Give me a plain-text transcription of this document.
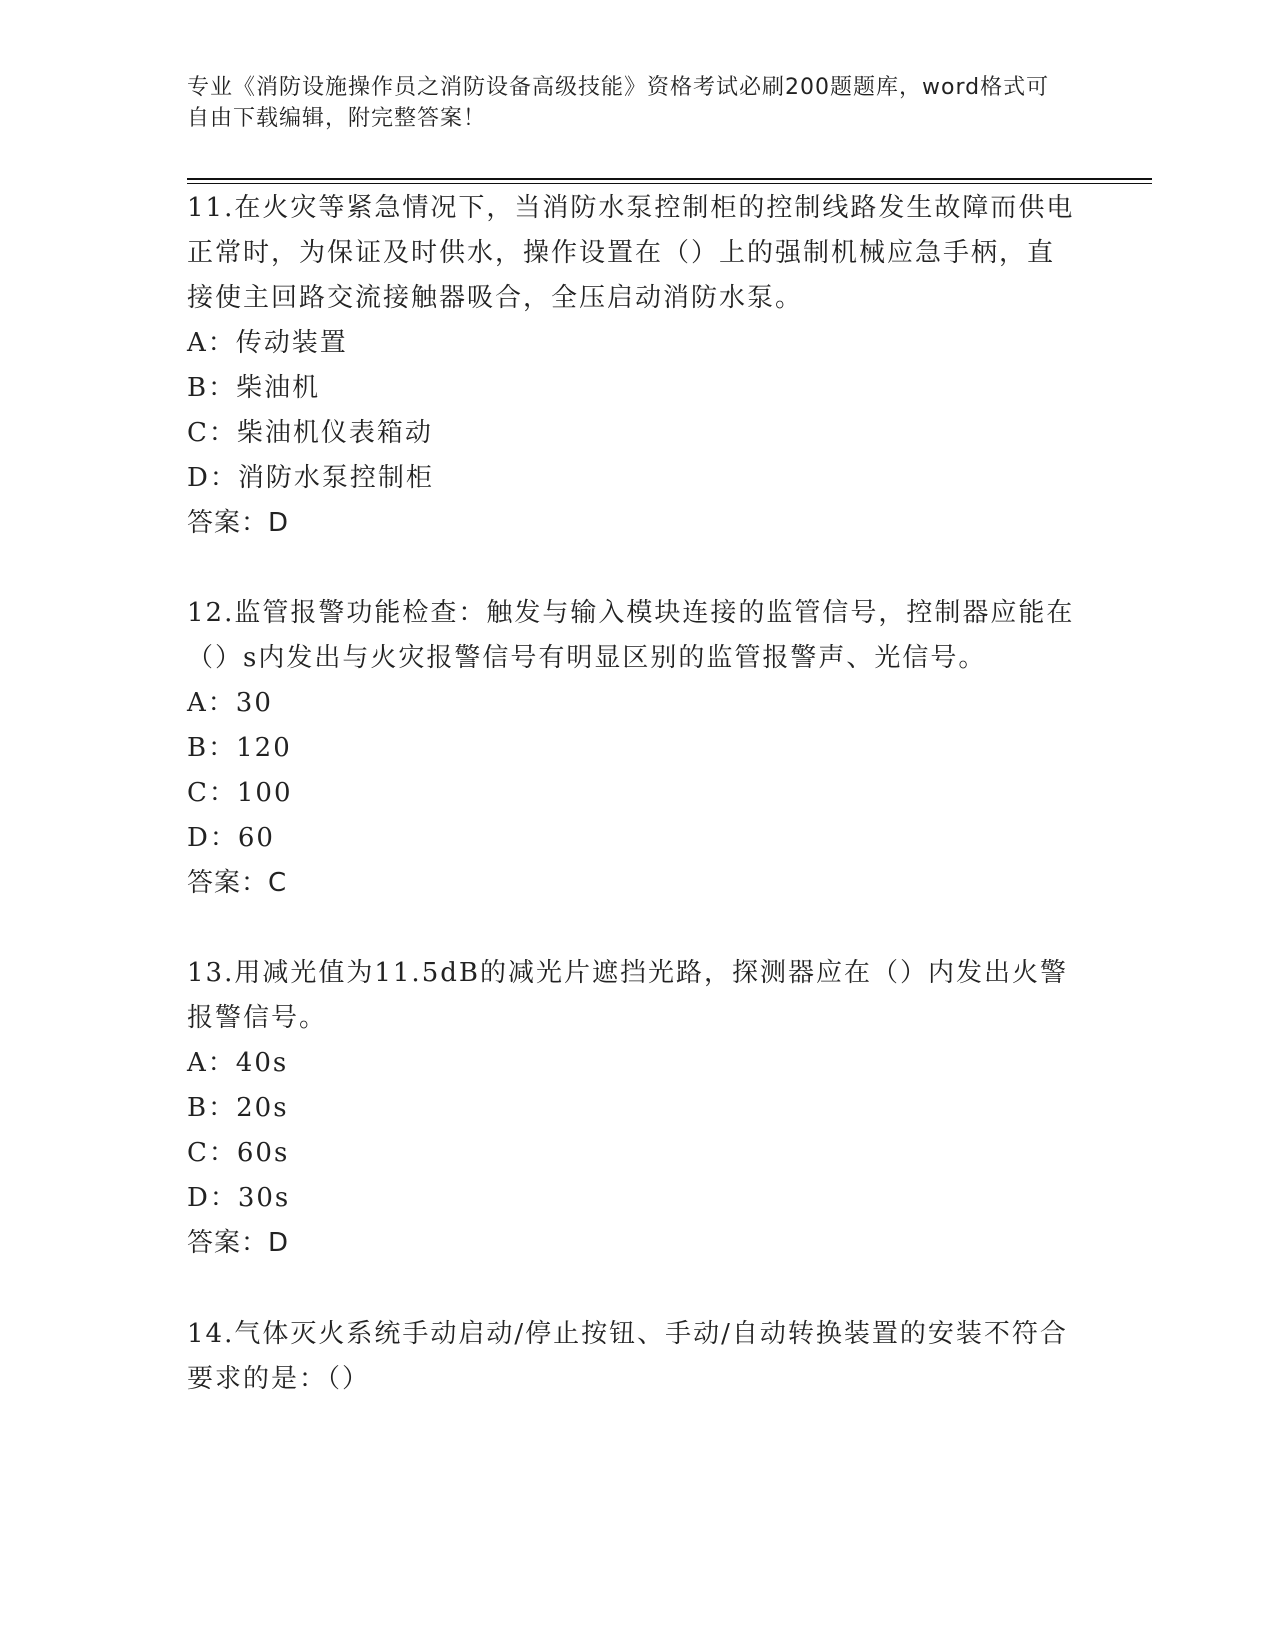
专业《消防设施操作员之消防设备高级技能》资格考试必刷200题题库，word格式可自由下载编辑，附完整答案！
11.在火灾等紧急情况下，当消防水泵控制柜的控制线路发生故障而供电正常时，为保证及时供水，操作设置在（）上的强制机械应急手柄，直接使主回路交流接触器吸合，全压启动消防水泵。
A：传动装置
B：柴油机
C：柴油机仪表箱动
D：消防水泵控制柜
答案：D
12.监管报警功能检查：触发与输入模块连接的监管信号，控制器应能在（）s内发出与火灾报警信号有明显区别的监管报警声、光信号。
A：30
B：120
C：100
D：60
答案：C
13.用减光值为11.5dB的减光片遮挡光路，探测器应在（）内发出火警报警信号。
A：40s
B：20s
C：60s
D：30s
答案：D
14.气体灭火系统手动启动/停止按钮、手动/自动转换装置的安装不符合要求的是：（）
